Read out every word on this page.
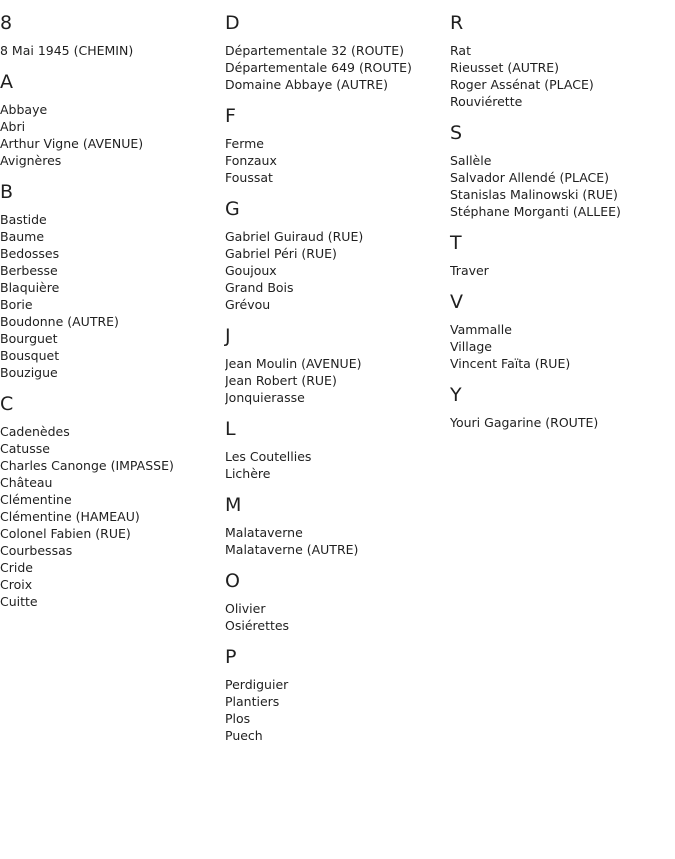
8
8 Mai 1945 (CHEMIN)
A
Abbaye
Abri
Arthur Vigne (AVENUE)
Avignères
B
Bastide
Baume
Bedosses
Berbesse
Blaquière
Borie
Boudonne (AUTRE)
Bourguet
Bousquet
Bouzigue
C
Cadenèdes
Catusse
Charles Canonge (IMPASSE)
Château
Clémentine
Clémentine (HAMEAU)
Colonel Fabien (RUE)
Courbessas
Cride
Croix
Cuitte
D
Départementale 32 (ROUTE)
Départementale 649 (ROUTE)
Domaine Abbaye (AUTRE)
F
Ferme
Fonzaux
Foussat
G
Gabriel Guiraud (RUE)
Gabriel Péri (RUE)
Goujoux
Grand Bois
Grévou
J
Jean Moulin (AVENUE)
Jean Robert (RUE)
Jonquierasse
L
Les Coutellies
Lichère
M
Malataverne
Malataverne (AUTRE)
O
Olivier
Osiérettes
P
Perdiguier
Plantiers
Plos
Puech
R
Rat
Rieusset (AUTRE)
Roger Assénat (PLACE)
Rouviérette
S
Sallèle
Salvador Allendé (PLACE)
Stanislas Malinowski (RUE)
Stéphane Morganti (ALLEE)
T
Traver
V
Vammalle
Village
Vincent Faïta (RUE)
Y
Youri Gagarine (ROUTE)
